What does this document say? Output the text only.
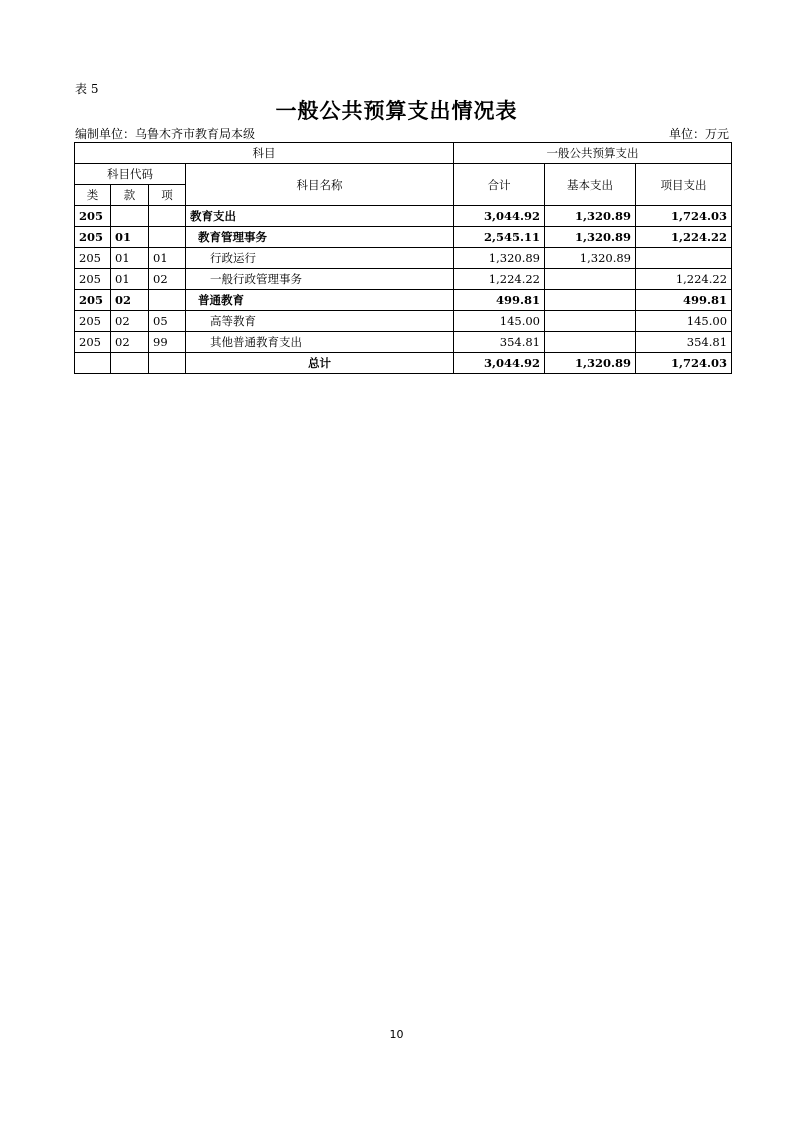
表 5
一般公共预算支出情况表
编制单位：乌鲁木齐市教育局本级	单位：万元
科目				一般公共预算支出		
科目代码			科目名称	合计	基本支出	项目支出
类	款	项				
205			教育支出	3,044.92	1,320.89	1,724.03
205	01		教育管理事务	2,545.11	1,320.89	1,224.22
205	01	01	行政运行	1,320.89	1,320.89	
205	01	02	一般行政管理事务	1,224.22		1,224.22
205	02		普通教育	499.81		499.81
205	02	05	高等教育	145.00		145.00
205	02	99	其他普通教育支出	354.81		354.81
			总计	3,044.92	1,320.89	1,724.03
10
